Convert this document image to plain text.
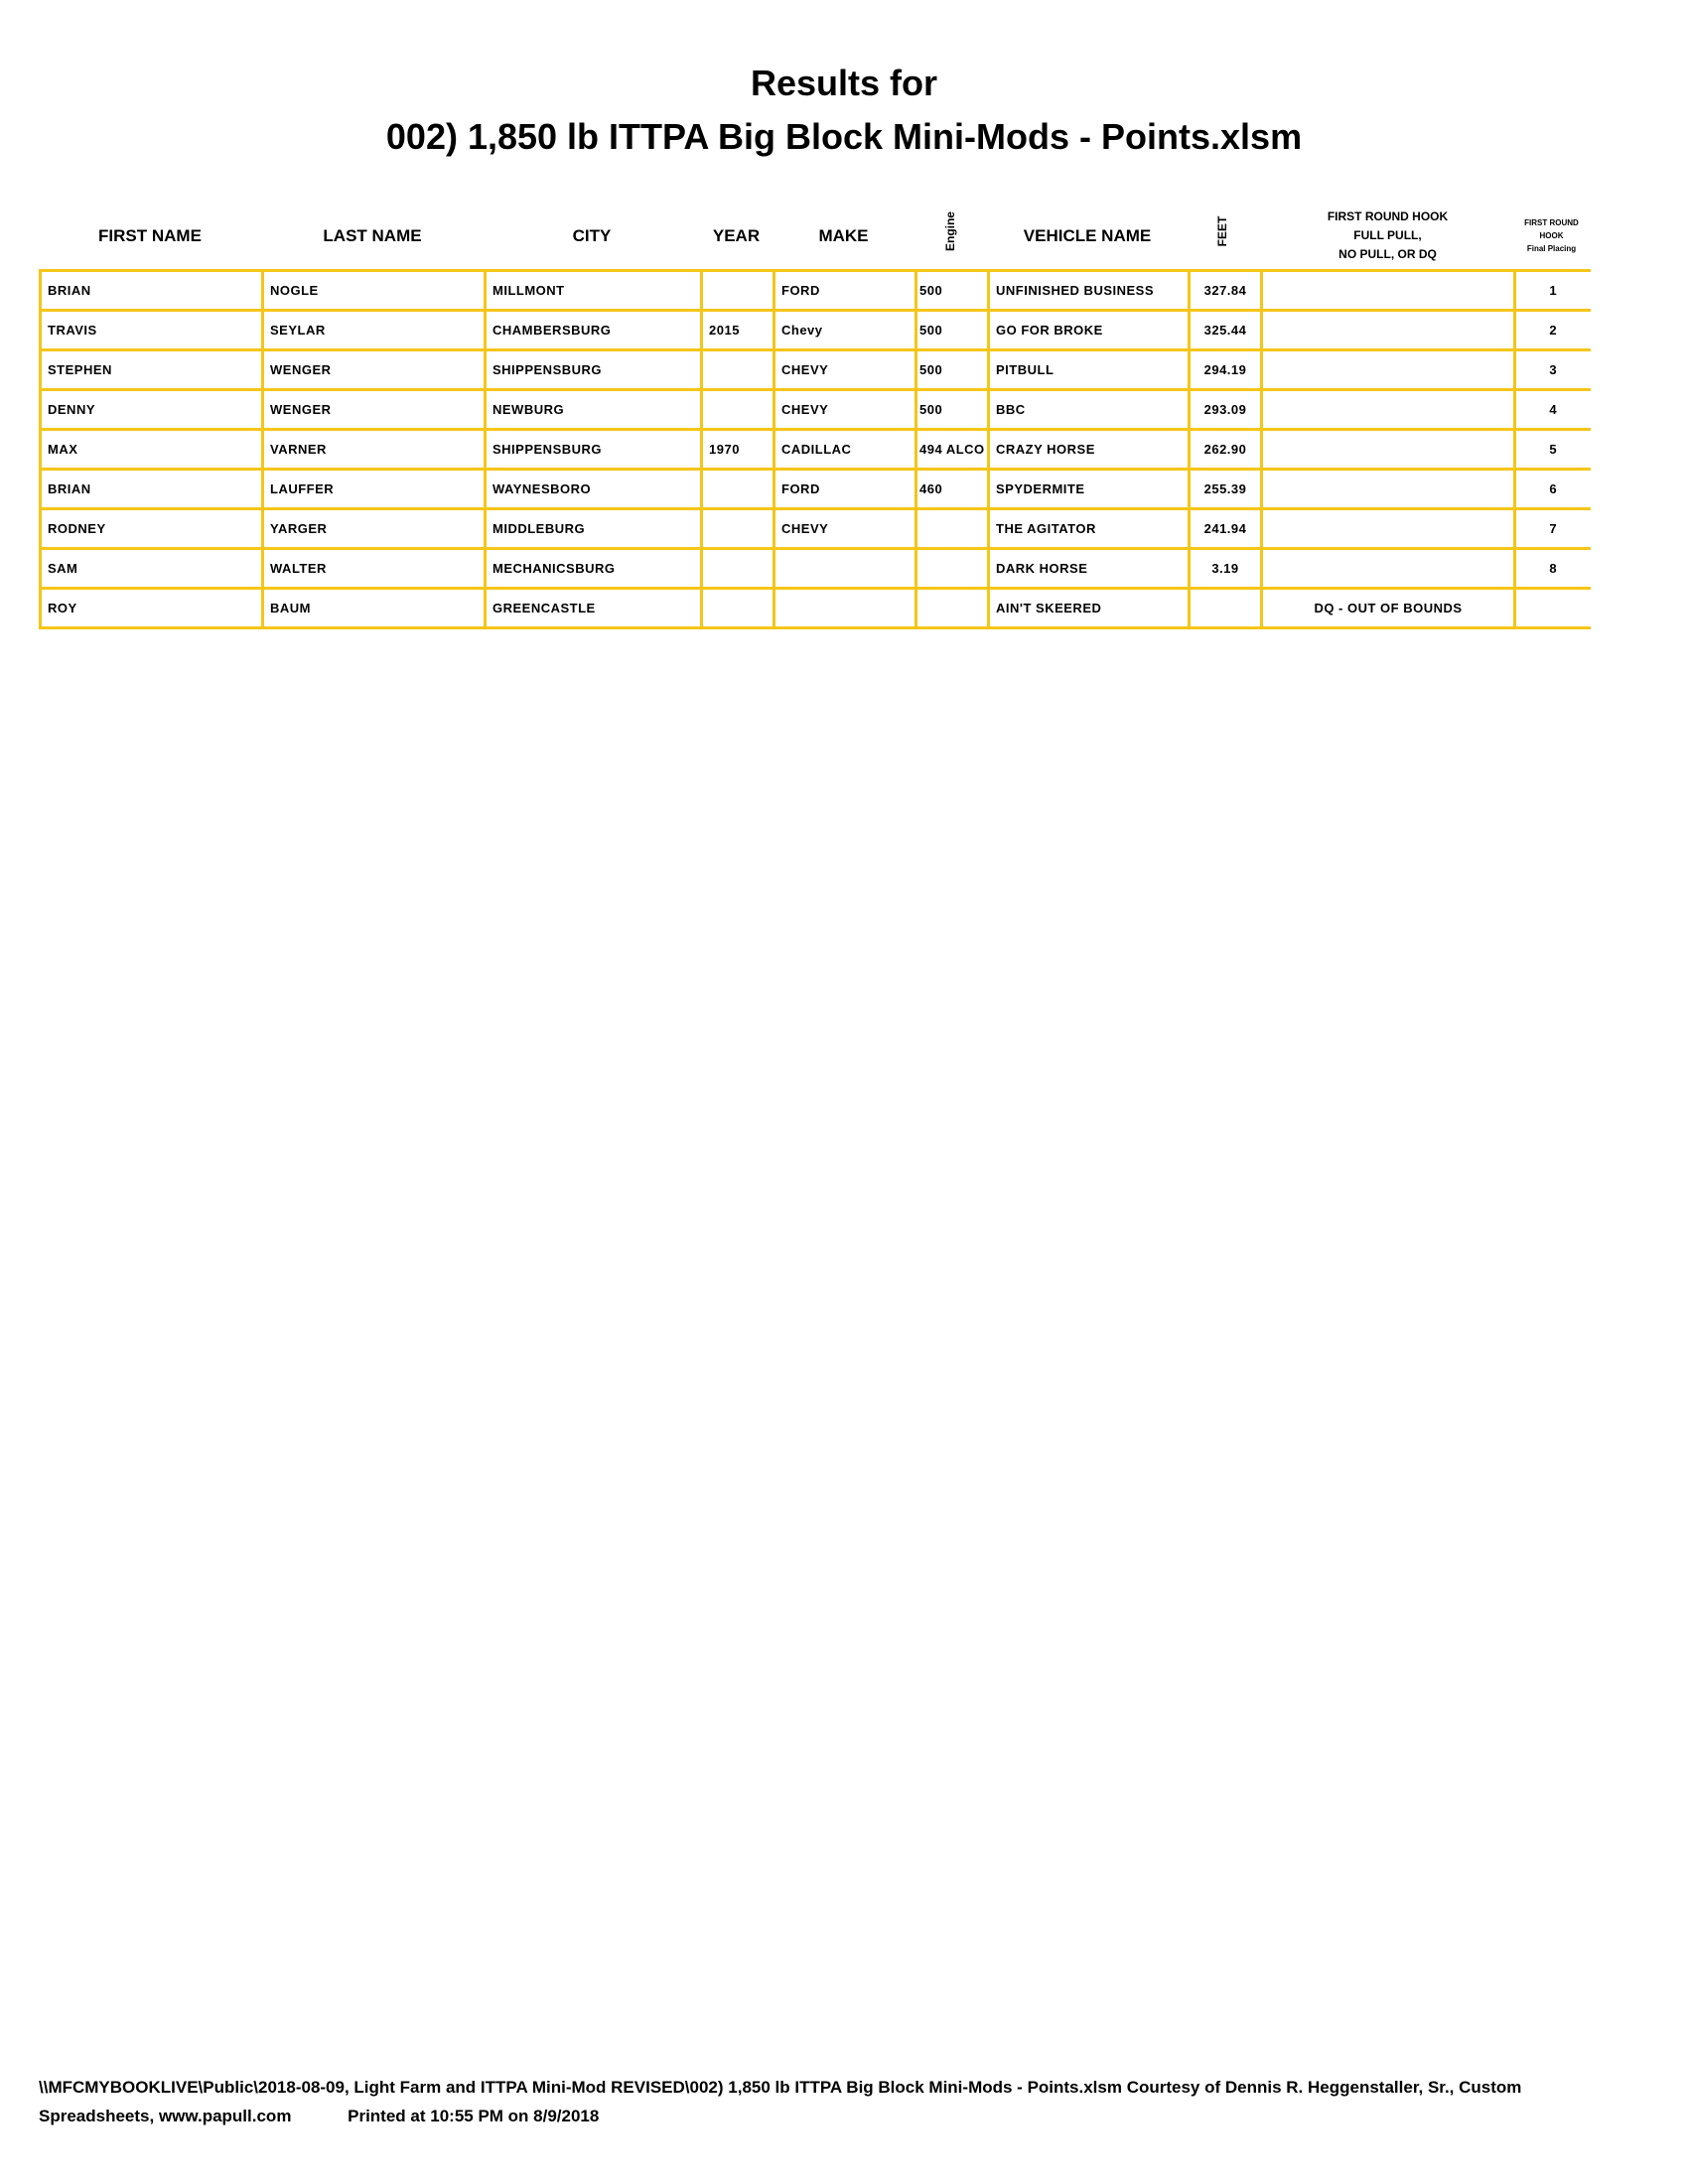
Results for
002) 1,850 lb ITTPA Big Block Mini-Mods - Points.xlsm
FIRST NAME	LAST NAME	CITY	YEAR	MAKE	Engine	VEHICLE NAME	FEET	FIRST ROUND HOOK
FULL PULL,
NO PULL, OR DQ
FIRST ROUND
HOOK
Final Placing
BRIAN	NOGLE	MILLMONT		FORD	500	UNFINISHED BUSINESS	327.84		1
TRAVIS	SEYLAR	CHAMBERSBURG	2015	Chevy	500	GO FOR BROKE	325.44		2
STEPHEN	WENGER	SHIPPENSBURG		CHEVY	500	PITBULL	294.19		3
DENNY	WENGER	NEWBURG		CHEVY	500	BBC	293.09		4
MAX	VARNER	SHIPPENSBURG	1970	CADILLAC	494 ALCO	CRAZY HORSE	262.90		5
BRIAN	LAUFFER	WAYNESBORO		FORD	460	SPYDERMITE	255.39		6
RODNEY	YARGER	MIDDLEBURG		CHEVY		THE AGITATOR	241.94		7
SAM	WALTER	MECHANICSBURG				DARK HORSE	3.19		8
ROY	BAUM	GREENCASTLE				AIN'T SKEERED		DQ - OUT OF BOUNDS	
\\MFCMYBOOKLIVE\Public\2018-08-09, Light Farm and ITTPA Mini-Mod REVISED\002) 1,850 lb ITTPA Big Block Mini-Mods - Points.xlsm Courtesy of Dennis R. Heggenstaller, Sr., Custom Spreadsheets, www.papull.com	Printed at 10:55 PM on 8/9/2018
